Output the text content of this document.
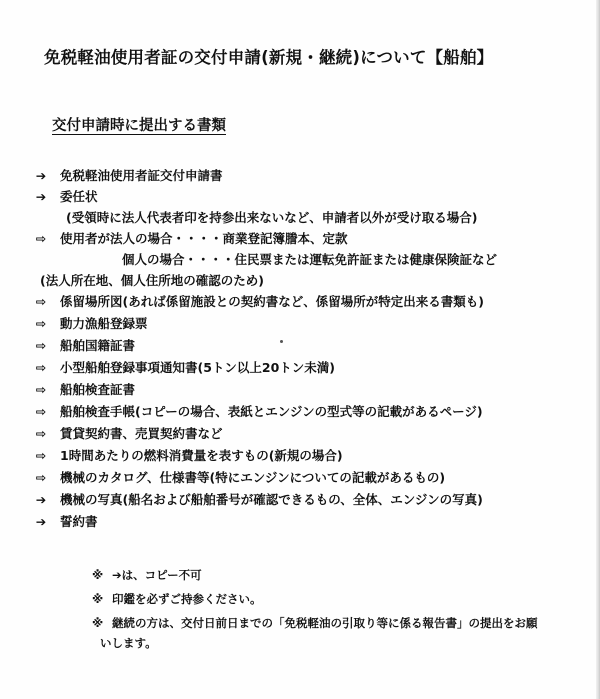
免税軽油使用者証の交付申請(新規・継続)について【船舶】
交付申請時に提出する書類
➔ 免税軽油使用者証交付申請書
➔ 委任状
(受領時に法人代表者印を持参出来ないなど、申請者以外が受け取る場合)
⇨ 使用者が法人の場合・・・・商業登記簿謄本、定款
個人の場合・・・・住民票または運転免許証または健康保険証など
(法人所在地、個人住所地の確認のため)
⇨ 係留場所図(あれば係留施設との契約書など、係留場所が特定出来る書類も)
⇨ 動力漁船登録票
⇨ 船舶国籍証書
⇨ 小型船舶登録事項通知書(5トン以上20トン未満)
⇨ 船舶検査証書
⇨ 船舶検査手帳(コピーの場合、表紙とエンジンの型式等の記載があるページ)
⇨ 賃貸契約書、売買契約書など
⇨ 1時間あたりの燃料消費量を表すもの(新規の場合)
⇨ 機械のカタログ、仕様書等(特にエンジンについての記載があるもの)
➔ 機械の写真(船名および船舶番号が確認できるもの、全体、エンジンの写真)
➔ 誓約書
※ ➔は、コピー不可
※ 印鑑を必ずご持参ください。
※ 継続の方は、交付日前日までの「免税軽油の引取り等に係る報告書」の提出をお願
いします。
